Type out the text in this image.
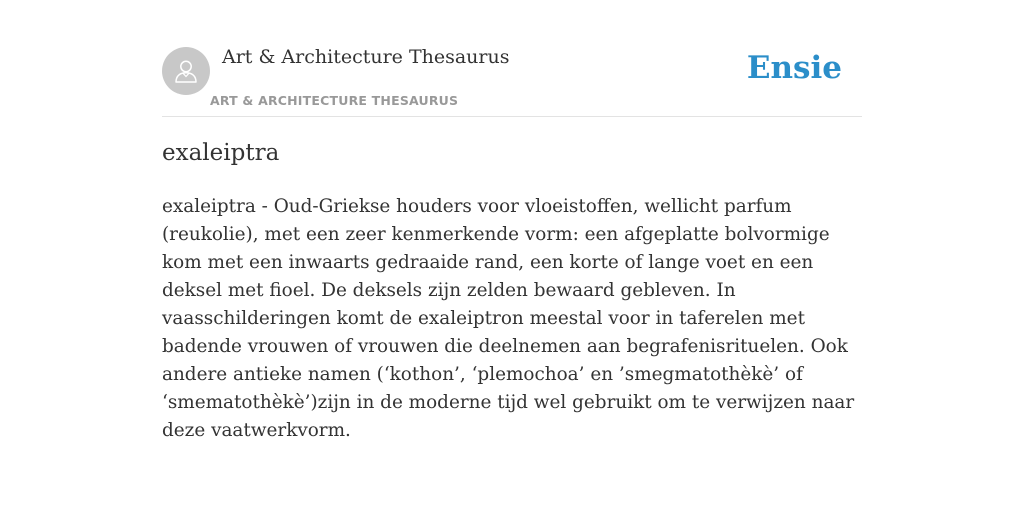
Art & Architecture Thesaurus
ART & ARCHITECTURE THESAURUS
Ensie
exaleiptra

exaleiptra - Oud-Griekse houders voor vloeistoffen, wellicht parfum (reukolie), met een zeer kenmerkende vorm: een afgeplatte bolvormige kom met een inwaarts gedraaide rand, een korte of lange voet en een deksel met fioel. De deksels zijn zelden bewaard gebleven. In vaasschilderingen komt de exaleiptron meestal voor in taferelen met badende vrouwen of vrouwen die deelnemen aan begrafenisrituelen. Ook andere antieke namen (‘kothon’, ‘plemochoa’ en ’smegmatothèkè’ of ‘smematothèkè’)zijn in de moderne tijd wel gebruikt om te verwijzen naar deze vaatwerkvorm.
